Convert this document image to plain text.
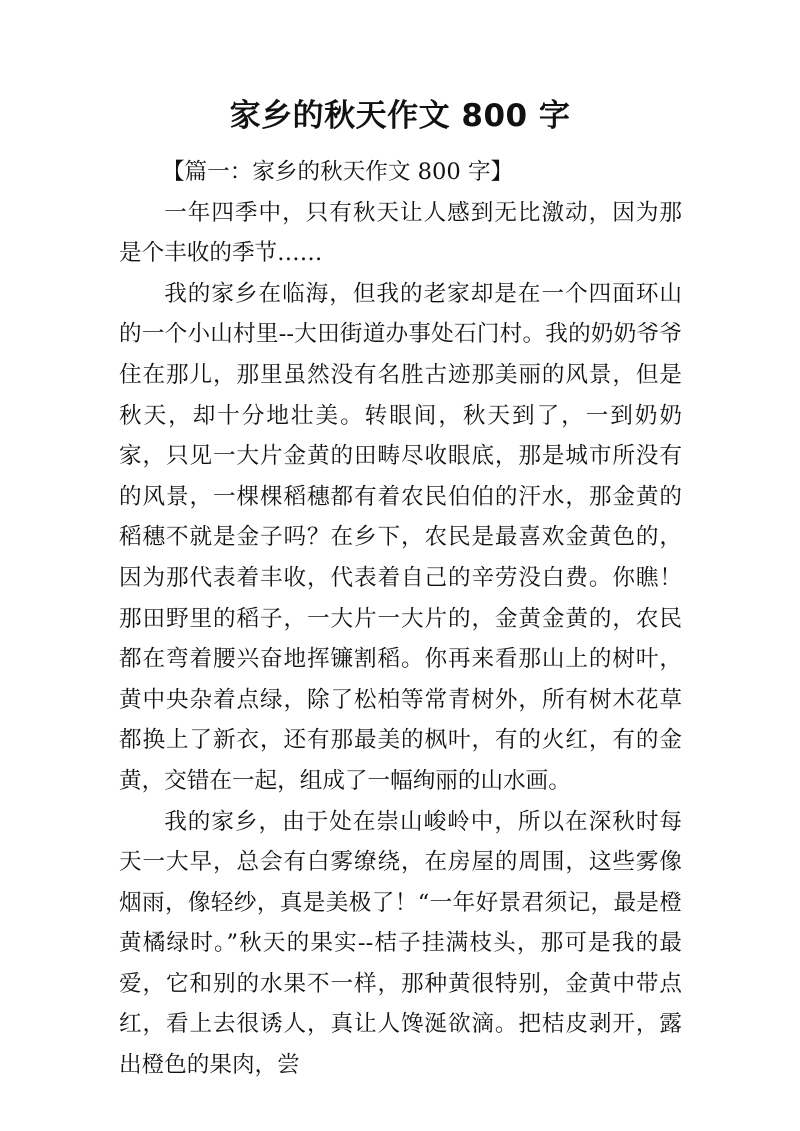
家乡的秋天作文 800 字

【篇一：家乡的秋天作文 800 字】

一年四季中，只有秋天让人感到无比激动，因为那是个丰收的季节……

我的家乡在临海，但我的老家却是在一个四面环山的一个小山村里--大田街道办事处石门村。我的奶奶爷爷住在那儿，那里虽然没有名胜古迹那美丽的风景，但是秋天，却十分地壮美。转眼间，秋天到了，一到奶奶家，只见一大片金黄的田畴尽收眼底，那是城市所没有的风景，一棵棵稻穗都有着农民伯伯的汗水，那金黄的稻穗不就是金子吗？在乡下，农民是最喜欢金黄色的，因为那代表着丰收，代表着自己的辛劳没白费。你瞧！那田野里的稻子，一大片一大片的，金黄金黄的，农民都在弯着腰兴奋地挥镰割稻。你再来看那山上的树叶，黄中央杂着点绿，除了松柏等常青树外，所有树木花草都换上了新衣，还有那最美的枫叶，有的火红，有的金黄，交错在一起，组成了一幅绚丽的山水画。

我的家乡，由于处在崇山峻岭中，所以在深秋时每天一大早，总会有白雾缭绕，在房屋的周围，这些雾像烟雨，像轻纱，真是美极了！“一年好景君须记，最是橙黄橘绿时。”秋天的果实--桔子挂满枝头，那可是我的最爱，它和别的水果不一样，那种黄很特别，金黄中带点红，看上去很诱人，真让人馋涎欲滴。把桔皮剥开，露出橙色的果肉，尝
